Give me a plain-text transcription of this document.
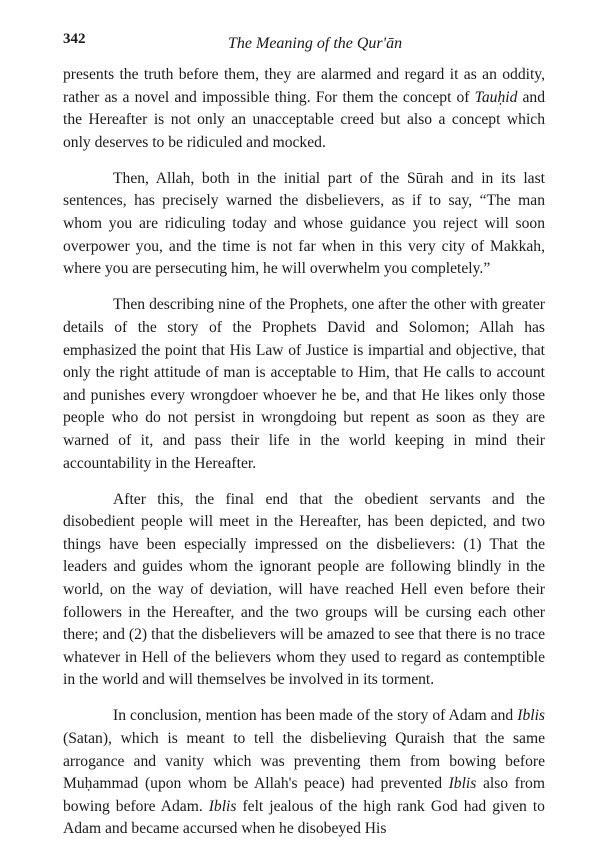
342	The Meaning of the Qur'ān

presents the truth before them, they are alarmed and regard it as an oddity, rather as a novel and impossible thing. For them the concept of Tauḥid and the Hereafter is not only an unacceptable creed but also a concept which only deserves to be ridiculed and mocked.

Then, Allah, both in the initial part of the Sūrah and in its last sentences, has precisely warned the disbelievers, as if to say, “The man whom you are ridiculing today and whose guidance you reject will soon overpower you, and the time is not far when in this very city of Makkah, where you are persecuting him, he will overwhelm you completely.”

Then describing nine of the Prophets, one after the other with greater details of the story of the Prophets David and Solomon; Allah has emphasized the point that His Law of Justice is impartial and objective, that only the right attitude of man is acceptable to Him, that He calls to account and punishes every wrongdoer whoever he be, and that He likes only those people who do not persist in wrongdoing but repent as soon as they are warned of it, and pass their life in the world keeping in mind their accountability in the Hereafter.

After this, the final end that the obedient servants and the disobedient people will meet in the Hereafter, has been depicted, and two things have been especially impressed on the disbelievers: (1) That the leaders and guides whom the ignorant people are following blindly in the world, on the way of deviation, will have reached Hell even before their followers in the Hereafter, and the two groups will be cursing each other there; and (2) that the disbelievers will be amazed to see that there is no trace whatever in Hell of the believers whom they used to regard as contemptible in the world and will themselves be involved in its torment.

In conclusion, mention has been made of the story of Adam and Iblis (Satan), which is meant to tell the disbelieving Quraish that the same arrogance and vanity which was preventing them from bowing before Muḥammad (upon whom be Allah's peace) had prevented Iblis also from bowing before Adam. Iblis felt jealous of the high rank God had given to Adam and became accursed when he disobeyed His
